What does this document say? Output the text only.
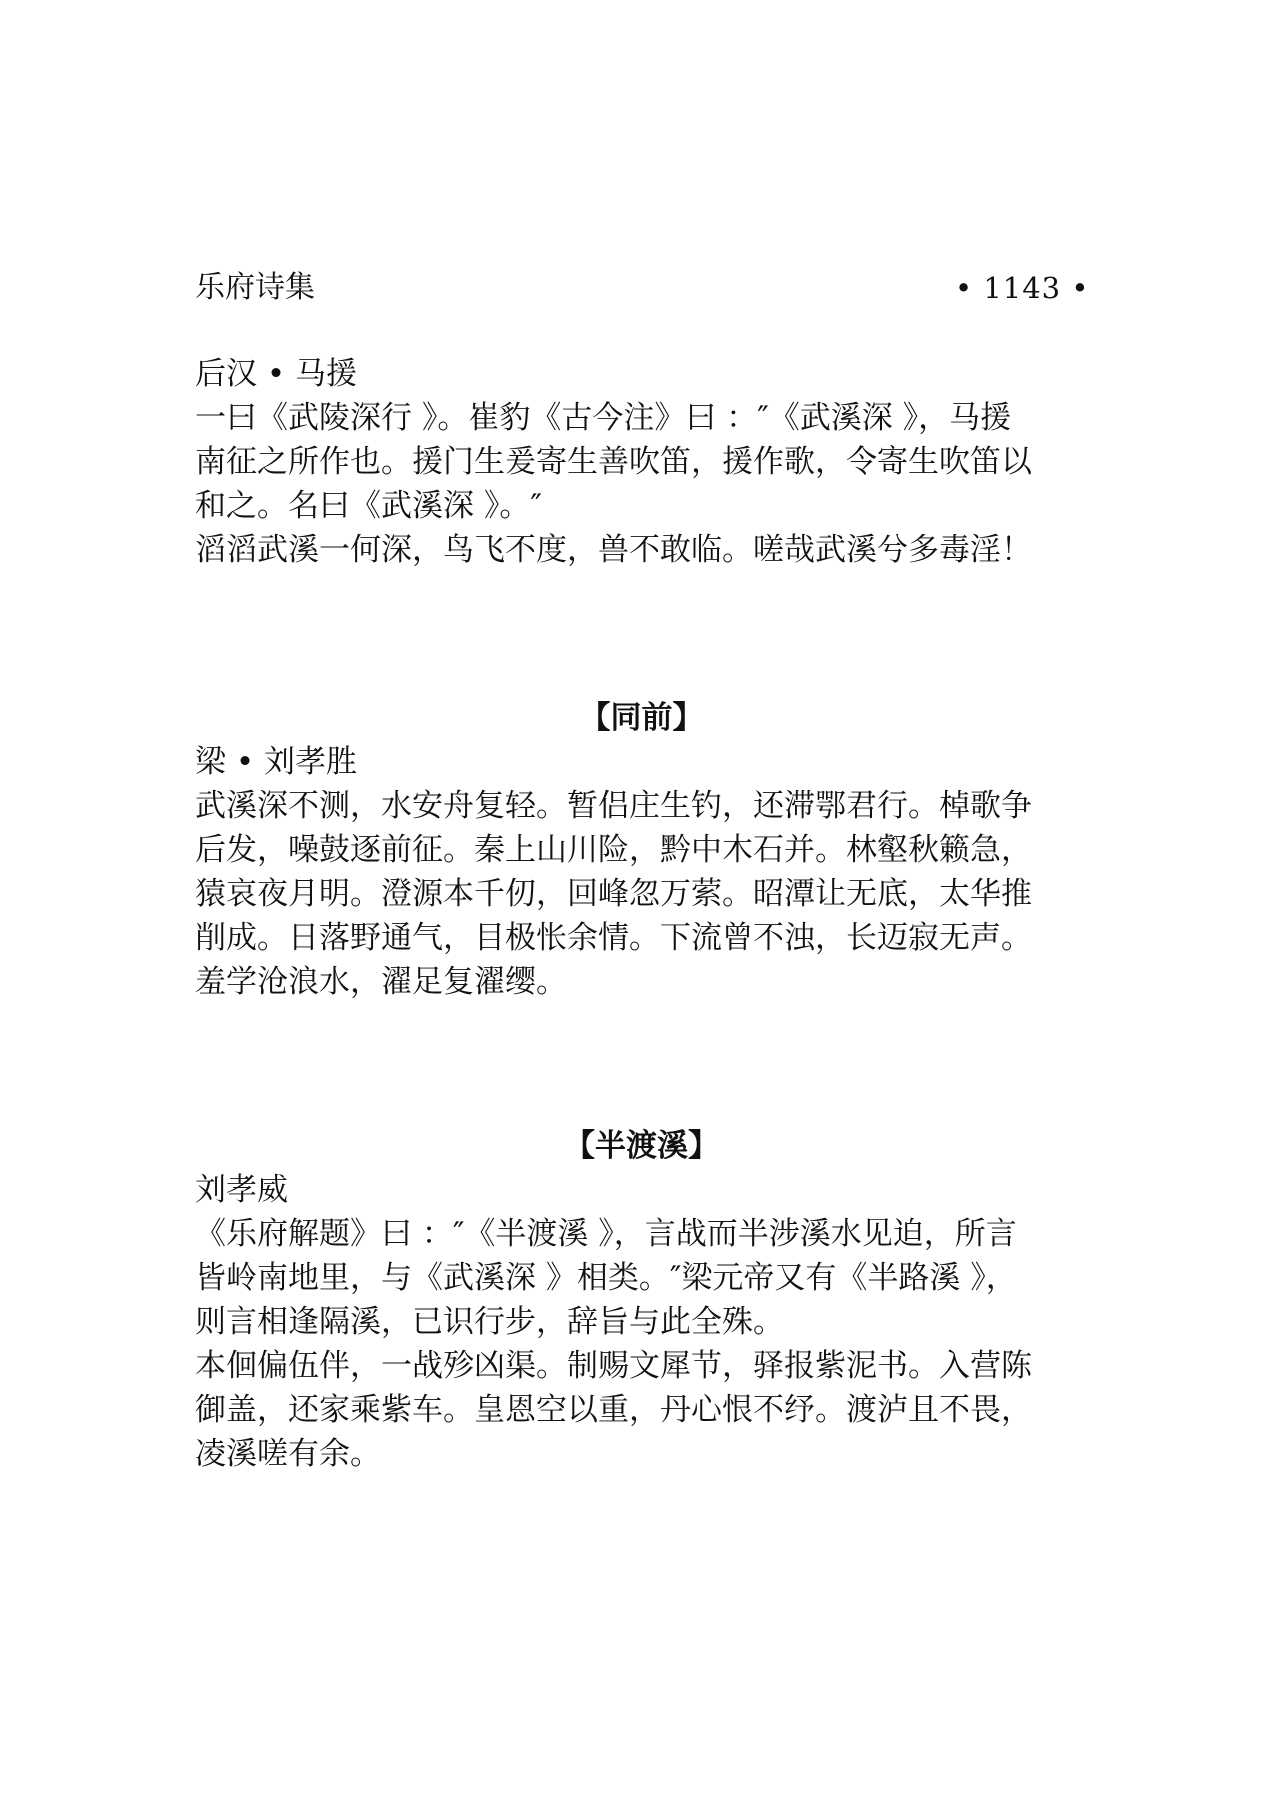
乐府诗集	• 1143 •
后汉 • 马援
一曰《武陵深行 》。崔豹《古今注》曰 ：″《武溪深 》，马援
南征之所作也。援门生爰寄生善吹笛，援作歌，令寄生吹笛以
和之。名曰《武溪深 》。″
滔滔武溪一何深，鸟飞不度，兽不敢临。嗟哉武溪兮多毒淫！
【同前】
梁 • 刘孝胜
武溪深不测，水安舟复轻。暂侣庄生钓，还滞鄂君行。棹歌争
后发，噪鼓逐前征。秦上山川险，黔中木石并。林壑秋籁急，
猿哀夜月明。澄源本千仞，回峰忽万萦。昭潭让无底，太华推
削成。日落野通气，目极怅余情。下流曾不浊，长迈寂无声。
羞学沧浪水，濯足复濯缨。
【半渡溪】
刘孝威
《乐府解题》曰 ：″《半渡溪 》，言战而半涉溪水见迫，所言
皆岭南地里，与《武溪深 》相类。″梁元帝又有《半路溪 》，
则言相逢隔溪，已识行步，辞旨与此全殊。
本佪偏伍伴，一战殄凶渠。制赐文犀节，驿报紫泥书。入营陈
御盖，还家乘紫车。皇恩空以重，丹心恨不纾。渡泸且不畏，
凌溪嗟有余。
